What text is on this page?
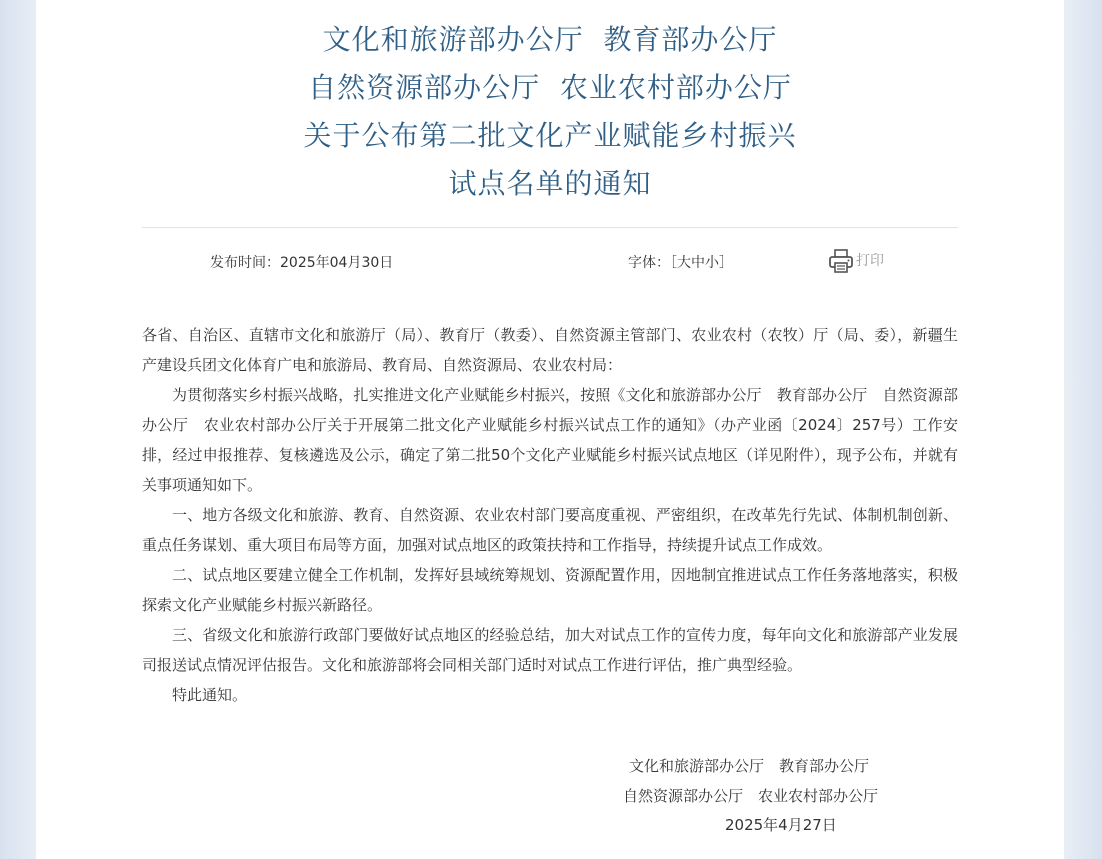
文化和旅游部办公厅  教育部办公厅
自然资源部办公厅  农业农村部办公厅
关于公布第二批文化产业赋能乡村振兴
试点名单的通知
发布时间：2025年04月30日	字体：［大中小］	打印

各省、自治区、直辖市文化和旅游厅（局）、教育厅（教委）、自然资源主管部门、农业农村（农牧）厅（局、委），新疆生产建设兵团文化体育广电和旅游局、教育局、自然资源局、农业农村局：

为贯彻落实乡村振兴战略，扎实推进文化产业赋能乡村振兴，按照《文化和旅游部办公厅　教育部办公厅　自然资源部办公厅　农业农村部办公厅关于开展第二批文化产业赋能乡村振兴试点工作的通知》（办产业函〔2024〕257号）工作安排，经过申报推荐、复核遴选及公示，确定了第二批50个文化产业赋能乡村振兴试点地区（详见附件），现予公布，并就有关事项通知如下。

一、地方各级文化和旅游、教育、自然资源、农业农村部门要高度重视、严密组织，在改革先行先试、体制机制创新、重点任务谋划、重大项目布局等方面，加强对试点地区的政策扶持和工作指导，持续提升试点工作成效。

二、试点地区要建立健全工作机制，发挥好县域统筹规划、资源配置作用，因地制宜推进试点工作任务落地落实，积极探索文化产业赋能乡村振兴新路径。

三、省级文化和旅游行政部门要做好试点地区的经验总结，加大对试点工作的宣传力度，每年向文化和旅游部产业发展司报送试点情况评估报告。文化和旅游部将会同相关部门适时对试点工作进行评估，推广典型经验。

特此通知。

文化和旅游部办公厅　教育部办公厅
自然资源部办公厅　农业农村部办公厅
2025年4月27日
